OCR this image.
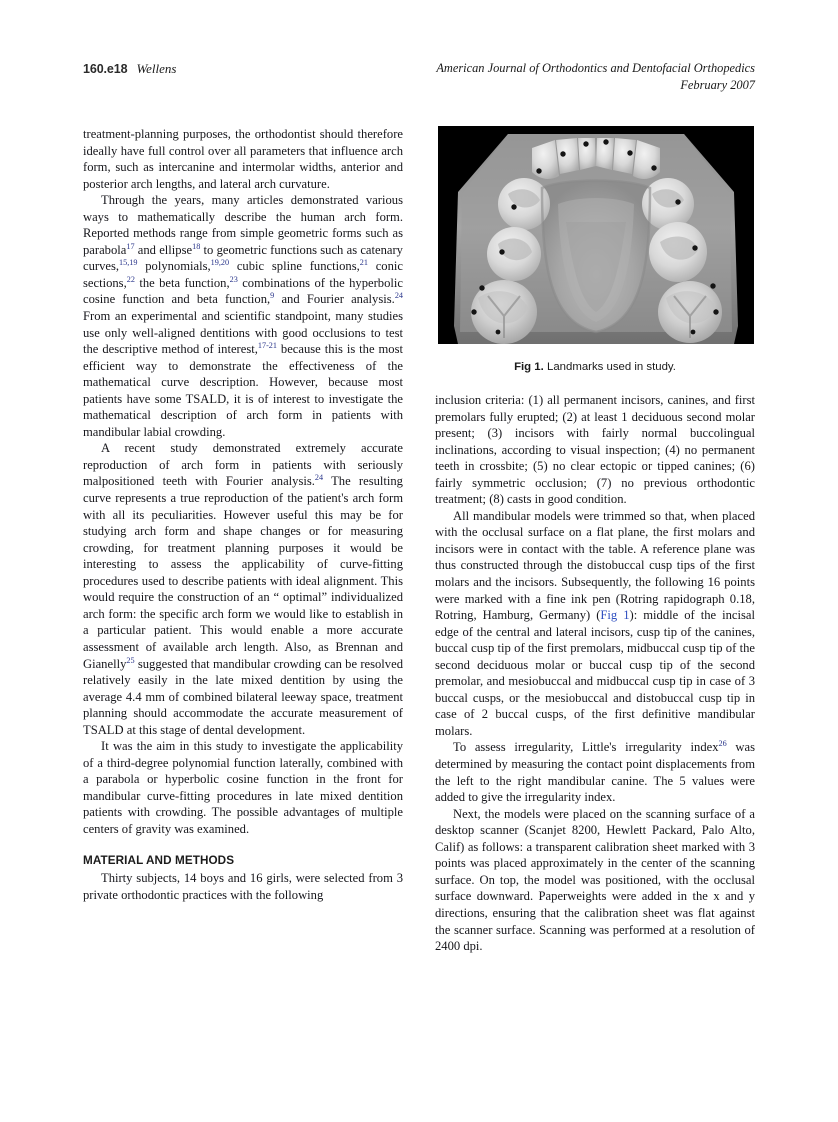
160.e18 Wellens	American Journal of Orthodontics and Dentofacial Orthopedics
February 2007
Fig 1. Landmarks used in study.

treatment-planning purposes, the orthodontist should therefore ideally have full control over all parameters that influence arch form, such as intercanine and intermolar widths, anterior and posterior arch lengths, and lateral arch curvature.

Through the years, many articles demonstrated various ways to mathematically describe the human arch form. Reported methods range from simple geometric forms such as parabola$^{17}$ and ellipse$^{18}$ to geometric functions such as catenary curves,$^{15,19}$ polynomials,$^{19,20}$ cubic spline functions,$^{21}$ conic sections,$^{22}$ the beta function,$^{23}$ combinations of the hyperbolic cosine function and beta function,$^9$ and Fourier analysis.$^{24}$ From an experimental and scientific standpoint, many studies use only well-aligned dentitions with good occlusions to test the descriptive method of interest,$^{17-21}$ because this is the most efficient way to demonstrate the effectiveness of the mathematical curve description. However, because most patients have some TSALD, it is of interest to investigate the mathematical description of arch form in patients with mandibular labial crowding.

A recent study demonstrated extremely accurate reproduction of arch form in patients with seriously malpositioned teeth with Fourier analysis.$^{24}$ The resulting curve represents a true reproduction of the patient's arch form with all its peculiarities. However useful this may be for studying arch form and shape changes or for measuring crowding, for treatment planning purposes it would be interesting to assess the applicability of curve-fitting procedures used to describe patients with ideal alignment. This would require the construction of an “ optimal” individualized arch form: the specific arch form we would like to establish in a particular patient. This would enable a more accurate assessment of available arch length. Also, as Brennan and Gianelly$^{25}$ suggested that mandibular crowding can be resolved relatively easily in the late mixed dentition by using the average 4.4 mm of combined bilateral leeway space, treatment planning should accommodate the accurate measurement of TSALD at this stage of dental development.

It was the aim in this study to investigate the applicability of a third-degree polynomial function laterally, combined with a parabola or hyperbolic cosine function in the front for mandibular curve-fitting procedures in late mixed dentition patients with crowding. The possible advantages of multiple centers of gravity was examined.

MATERIAL AND METHODS

Thirty subjects, 14 boys and 16 girls, were selected from 3 private orthodontic practices with the following

inclusion criteria: (1) all permanent incisors, canines, and first premolars fully erupted; (2) at least 1 deciduous second molar present; (3) incisors with fairly normal buccolingual inclinations, according to visual inspection; (4) no permanent teeth in crossbite; (5) no clear ectopic or tipped canines; (6) fairly symmetric occlusion; (7) no previous orthodontic treatment; (8) casts in good condition.

All mandibular models were trimmed so that, when placed with the occlusal surface on a flat plane, the first molars and incisors were in contact with the table. A reference plane was thus constructed through the distobuccal cusp tips of the first molars and the incisors. Subsequently, the following 16 points were marked with a fine ink pen (Rotring rapidograph 0.18, Rotring, Hamburg, Germany) (Fig 1): middle of the incisal edge of the central and lateral incisors, cusp tip of the canines, buccal cusp tip of the first premolars, midbuccal cusp tip of the second deciduous molar or buccal cusp tip of the second premolar, and mesiobuccal and midbuccal cusp tip in case of 3 buccal cusps, or the mesiobuccal and distobuccal cusp tip in case of 2 buccal cusps, of the first definitive mandibular molars.

To assess irregularity, Little's irregularity index$^{26}$ was determined by measuring the contact point displacements from the left to the right mandibular canine. The 5 values were added to give the irregularity index.

Next, the models were placed on the scanning surface of a desktop scanner (Scanjet 8200, Hewlett Packard, Palo Alto, Calif) as follows: a transparent calibration sheet marked with 3 points was placed approximately in the center of the scanning surface. On top, the model was positioned, with the occlusal surface downward. Paperweights were added in the x and y directions, ensuring that the calibration sheet was flat against the scanner surface. Scanning was performed at a resolution of 2400 dpi.
